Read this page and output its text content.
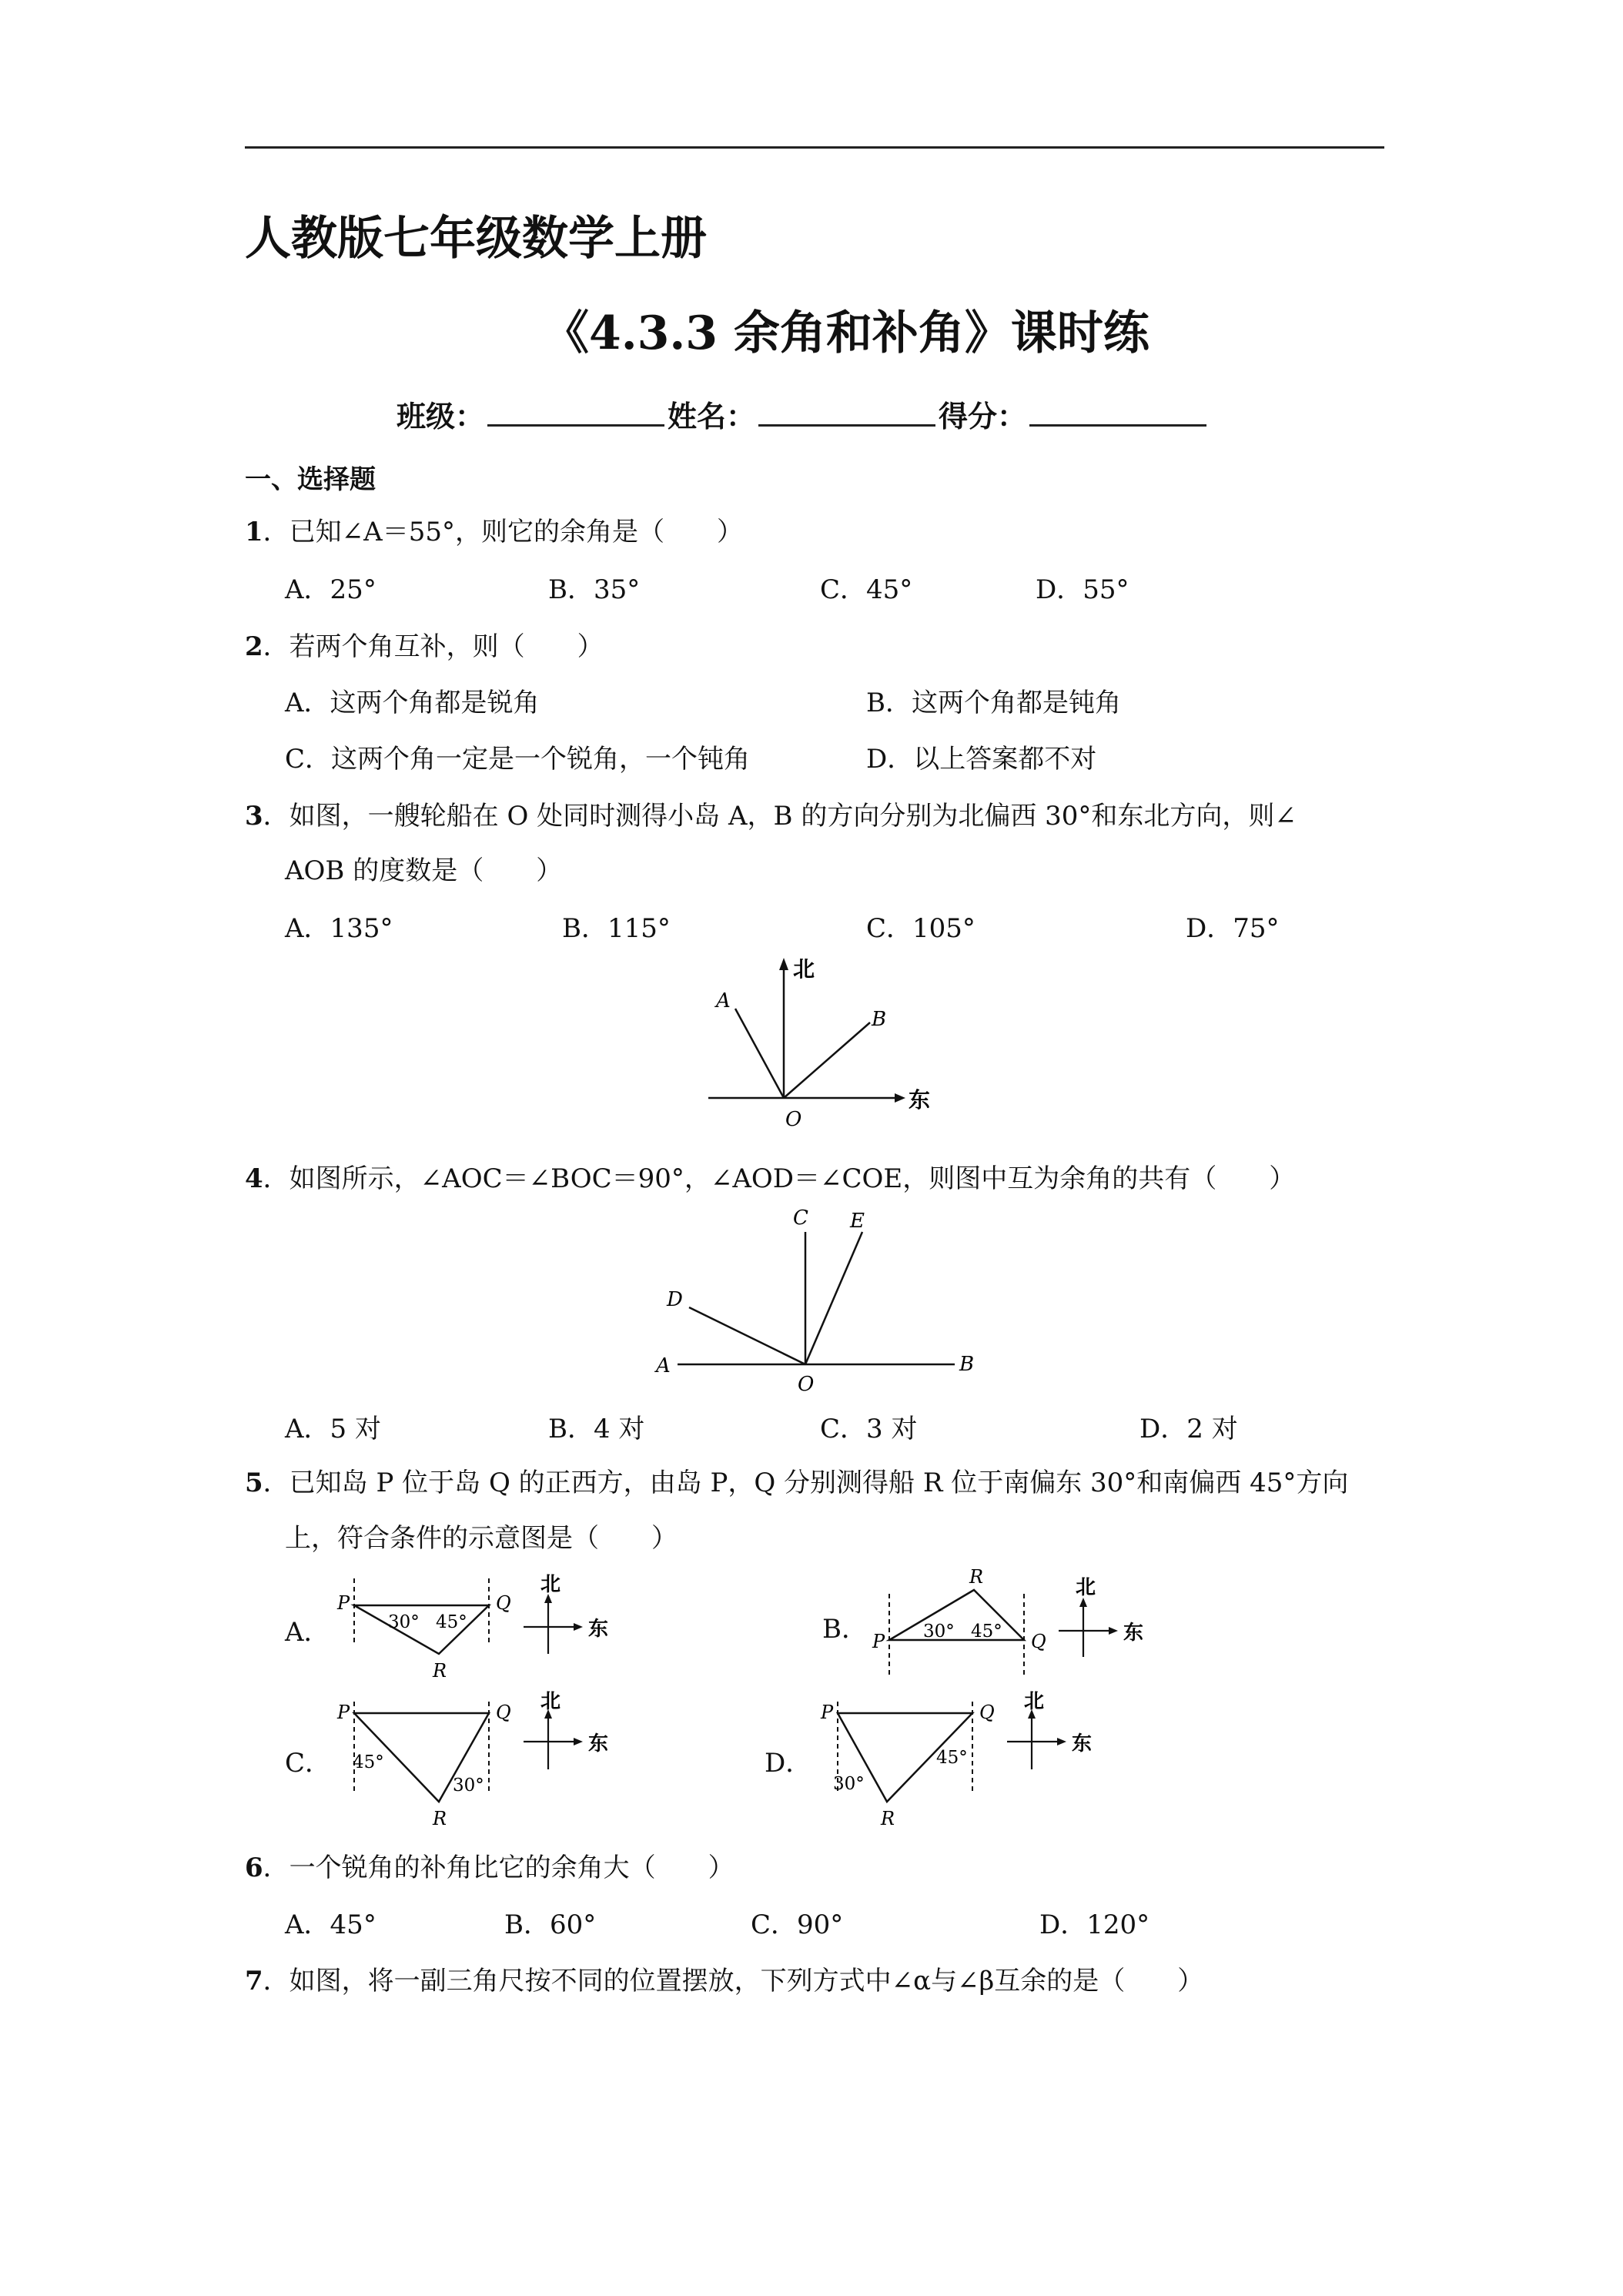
人教版七年级数学上册
《4.3.3 余角和补角》课时练
班级：	姓名：	得分：
一、选择题
1．已知∠A＝55°，则它的余角是（　　）
A．25°	B．35°	C．45°	D．55°
2．若两个角互补，则（　　）
A．这两个角都是锐角	B．这两个角都是钝角
C．这两个角一定是一个锐角，一个钝角	D．以上答案都不对
3．如图，一艘轮船在 O 处同时测得小岛 A，B 的方向分别为北偏西 30°和东北方向，则∠
AOB 的度数是（　　）
A．135°	B．115°	C．105°	D．75°
北
东
A
B
O
4．如图所示，∠AOC＝∠BOC＝90°，∠AOD＝∠COE，则图中互为余角的共有（　　）
A	B
C
D
E
O
A．5 对	B．4 对	C．3 对	D．2 对
5．已知岛 P 位于岛 Q 的正西方，由岛 P，Q 分别测得船 R 位于南偏东 30°和南偏西 45°方向
上，符合条件的示意图是（　　）
A．
P	Q
R
30° 45°
北
东	B． P	Q
R
30° 45°
北
东
C．
P	Q
R
45°
30°
北
东
D．
P	Q
R
30°
45°
北
东
6．一个锐角的补角比它的余角大（　　）
A．45°	B．60°	C．90°	D．120°
7．如图，将一副三角尺按不同的位置摆放，下列方式中∠α与∠β互余的是（　　）
